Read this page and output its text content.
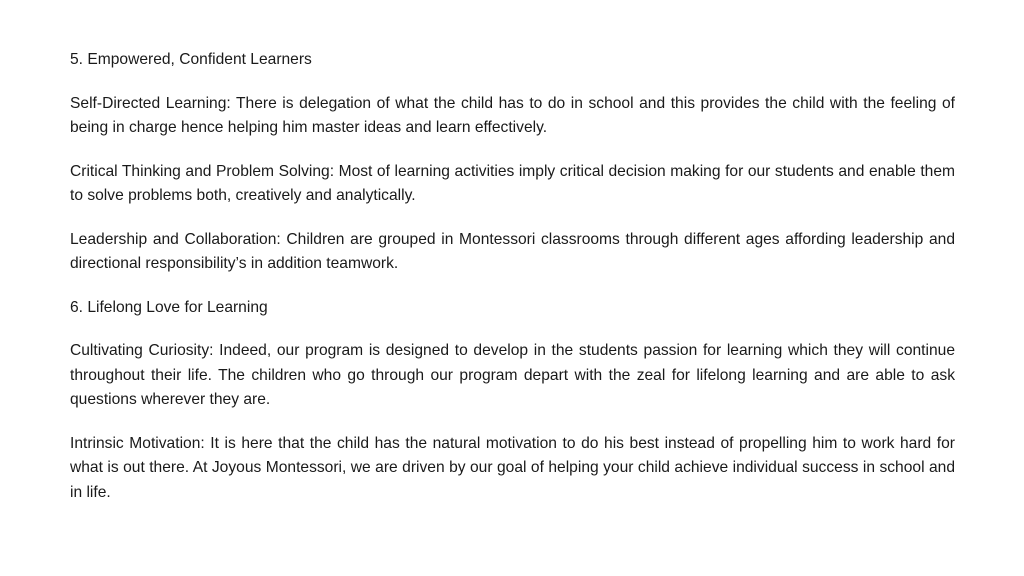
5. Empowered, Confident Learners

Self-Directed Learning: There is delegation of what the child has to do in school and this provides the child with the feeling of being in charge hence helping him master ideas and learn effectively.

Critical Thinking and Problem Solving: Most of learning activities imply critical decision making for our students and enable them to solve problems both, creatively and analytically.

Leadership and Collaboration: Children are grouped in Montessori classrooms through different ages affording leadership and directional responsibility’s in addition teamwork.

6. Lifelong Love for Learning

Cultivating Curiosity: Indeed, our program is designed to develop in the students passion for learning which they will continue throughout their life. The children who go through our program depart with the zeal for lifelong learning and are able to ask questions wherever they are.

Intrinsic Motivation: It is here that the child has the natural motivation to do his best instead of propelling him to work hard for what is out there. At Joyous Montessori, we are driven by our goal of helping your child achieve individual success in school and in life.
